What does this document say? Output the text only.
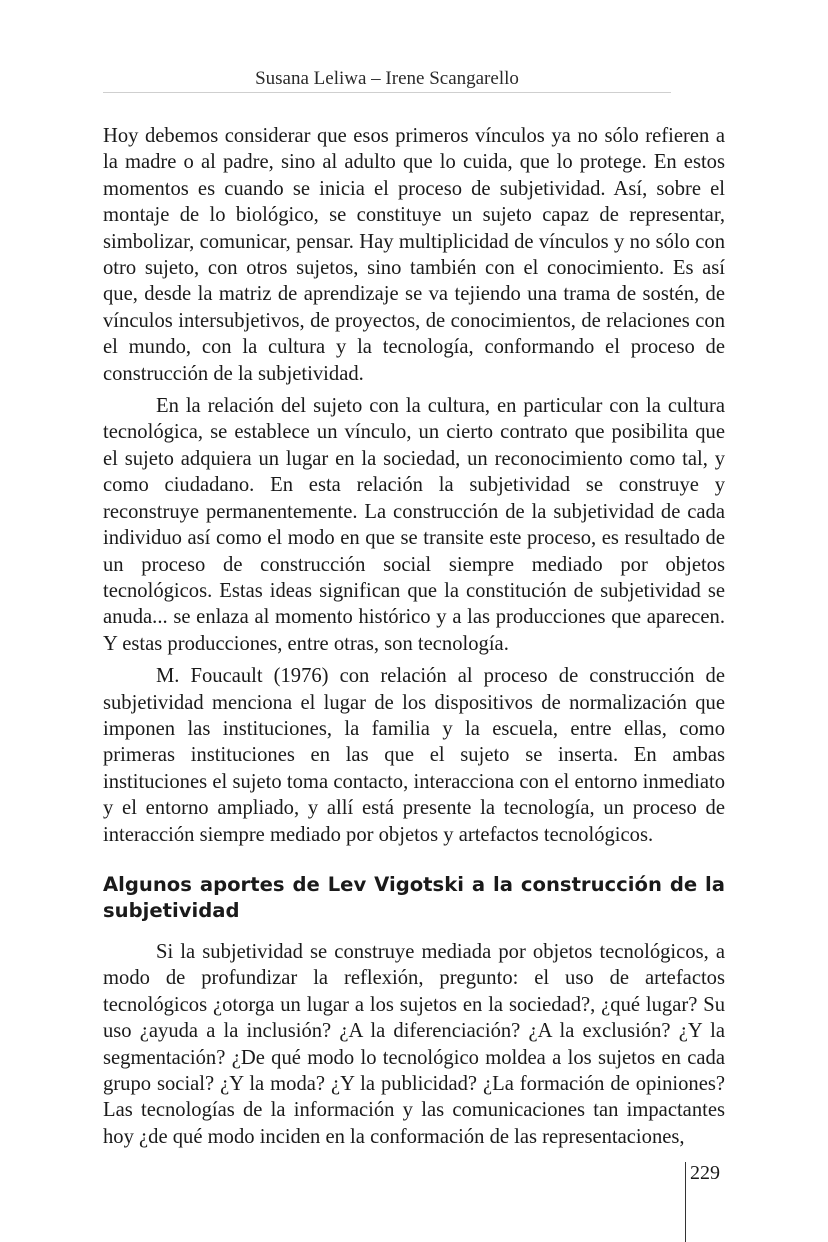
Susana Leliwa – Irene Scangarello

Hoy debemos considerar que esos primeros vínculos ya no sólo refieren a la madre o al padre, sino al adulto que lo cuida, que lo protege. En estos momentos es cuando se inicia el proceso de subjetividad. Así, sobre el montaje de lo biológico, se constituye un sujeto capaz de representar, simbolizar, comunicar, pensar. Hay multiplicidad de vínculos y no sólo con otro sujeto, con otros sujetos, sino también con el conocimiento. Es así que, desde la matriz de aprendizaje se va tejiendo una trama de sostén, de vínculos intersubjetivos, de proyectos, de conocimientos, de relaciones con el mundo, con la cultura y la tecnología, conformando el proceso de construcción de la subjetividad.

En la relación del sujeto con la cultura, en particular con la cultura tecnológica, se establece un vínculo, un cierto contrato que posibilita que el sujeto adquiera un lugar en la sociedad, un reconocimiento como tal, y como ciudadano. En esta relación la subjetividad se construye y reconstruye permanentemente. La construcción de la subjetividad de cada individuo así como el modo en que se transite este proceso, es resultado de un proceso de construcción social siempre mediado por objetos tecnológicos. Estas ideas significan que la constitución de subjetividad se anuda... se enlaza al momento histórico y a las producciones que aparecen. Y estas producciones, entre otras, son tecnología.

M. Foucault (1976) con relación al proceso de construcción de subjetividad menciona el lugar de los dispositivos de normalización que imponen las instituciones, la familia y la escuela, entre ellas, como primeras instituciones en las que el sujeto se inserta. En ambas instituciones el sujeto toma contacto, interacciona con el entorno inmediato y el entorno ampliado, y allí está presente la tecnología, un proceso de interacción siempre mediado por objetos y artefactos tecnológicos.

Algunos aportes de Lev Vigotski a la construcción de la subjetividad

Si la subjetividad se construye mediada por objetos tecnológicos, a modo de profundizar la reflexión, pregunto: el uso de artefactos tecnológicos ¿otorga un lugar a los sujetos en la sociedad?, ¿qué lugar? Su uso ¿ayuda a la inclusión? ¿A la diferenciación? ¿A la exclusión? ¿Y la segmentación? ¿De qué modo lo tecnológico moldea a los sujetos en cada grupo social? ¿Y la moda? ¿Y la publicidad? ¿La formación de opiniones? Las tecnologías de la información y las comunicaciones tan impactantes hoy ¿de qué modo inciden en la conformación de las representaciones,

229
